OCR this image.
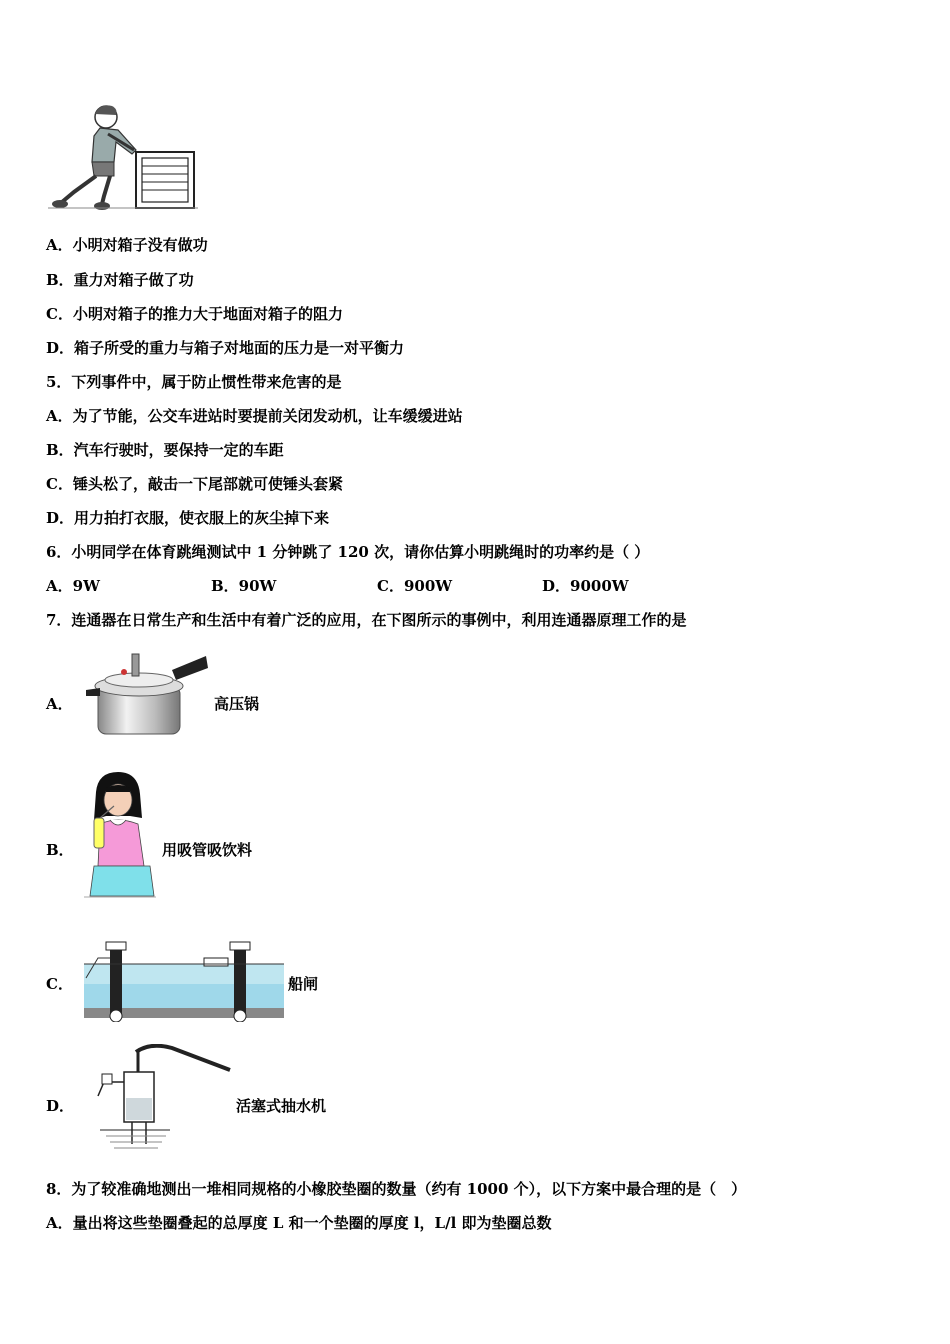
A．小明对箱子没有做功
B．重力对箱子做了功
C．小明对箱子的推力大于地面对箱子的阻力
D．箱子所受的重力与箱子对地面的压力是一对平衡力
5．下列事件中，属于防止惯性带来危害的是
A．为了节能，公交车进站时要提前关闭发动机，让车缓缓进站
B．汽车行驶时，要保持一定的车距
C．锤头松了，敲击一下尾部就可使锤头套紧
D．用力拍打衣服，使衣服上的灰尘掉下来
6．小明同学在体育跳绳测试中 1 分钟跳了 120 次，请你估算小明跳绳时的功率约是（ ）
A．9W	B．90W	C．900W	D．9000W
7．连通器在日常生产和生活中有着广泛的应用，在下图所示的事例中，利用连通器原理工作的是
A．	高压锅
B．	用吸管吸饮料
C．	船闸
D．	活塞式抽水机
8．为了较准确地测出一堆相同规格的小橡胶垫圈的数量（约有 1000 个），以下方案中最合理的是（　）
A．量出将这些垫圈叠起的总厚度 L 和一个垫圈的厚度 l，L/l 即为垫圈总数
